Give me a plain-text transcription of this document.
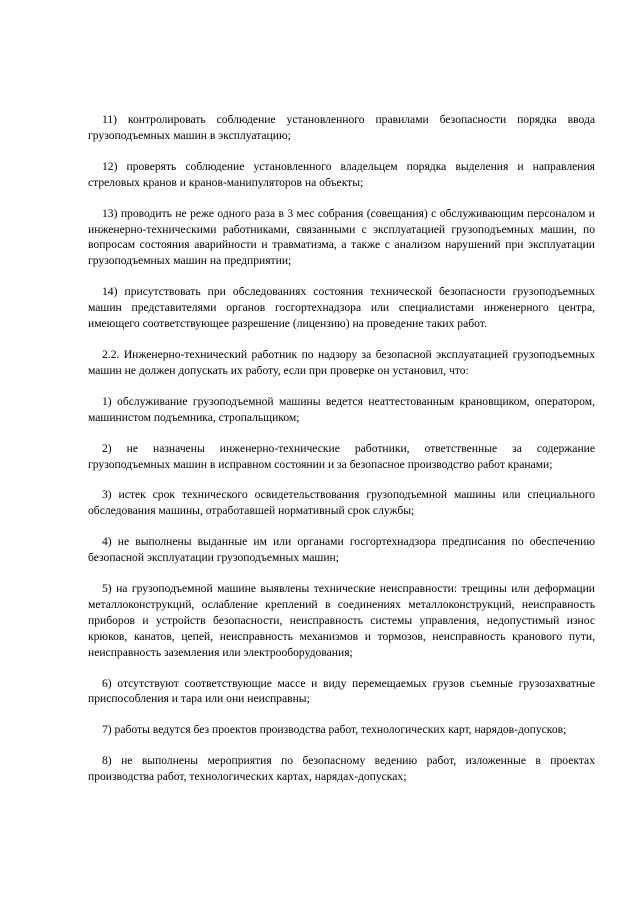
11) контролировать соблюдение установленного правилами безопасности порядка ввода грузоподъемных машин в эксплуатацию;

12) проверять соблюдение установленного владельцем порядка выделения и направления стреловых кранов и кранов-манипуляторов на объекты;

13) проводить не реже одного раза в 3 мес собрания (совещания) с обслуживающим персоналом и инженерно-техническими работниками, связанными с эксплуатацией грузоподъемных машин, по вопросам состояния аварийности и травматизма, а также с анализом нарушений при эксплуатации грузоподъемных машин на предприятии;

14) присутствовать при обследованиях состояния технической безопасности грузоподъемных машин представителями органов госгортехнадзора или специалистами инженерного центра, имеющего соответствующее разрешение (лицензию) на проведение таких работ.

2.2. Инженерно-технический работник по надзору за безопасной эксплуатацией грузоподъемных машин не должен допускать их работу, если при проверке он установил, что:

1) обслуживание грузоподъемной машины ведется неаттестованным крановщиком, оператором, машинистом подъемника, стропальщиком;

2) не назначены инженерно-технические работники, ответственные за содержание грузоподъемных машин в исправном состоянии и за безопасное производство работ кранами;

3) истек срок технического освидетельствования грузоподъемной машины или специального обследования машины, отработавшей нормативный срок службы;

4) не выполнены выданные им или органами госгортехнадзора предписания по обеспечению безопасной эксплуатации грузоподъемных машин;

5) на грузоподъемной машине выявлены технические неисправности: трещины или деформации металлоконструкций, ослабление креплений в соединениях металлоконструкций, неисправность приборов и устройств безопасности, неисправность системы управления, недопустимый износ крюков, канатов, цепей, неисправность механизмов и тормозов, неисправность кранового пути, неисправность заземления или электрооборудования;

6) отсутствуют соответствующие массе и виду перемещаемых грузов съемные грузозахватные приспособления и тара или они неисправны;

7) работы ведутся без проектов производства работ, технологических карт, нарядов-допусков;

8) не выполнены мероприятия по безопасному ведению работ, изложенные в проектах производства работ, технологических картах, нарядах-допусках;
